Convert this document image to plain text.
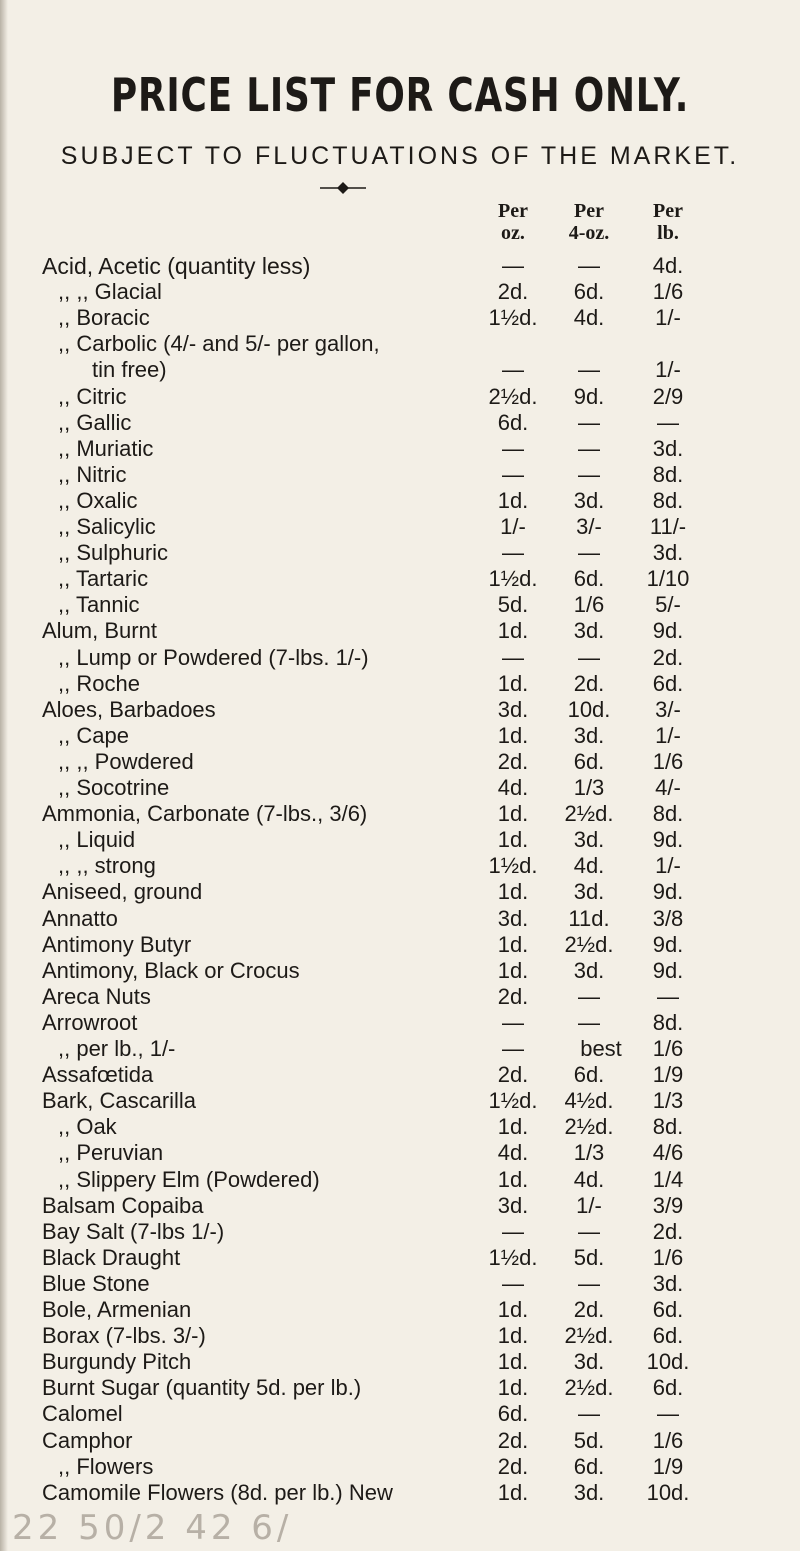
PRICE LIST FOR CASH ONLY.
SUBJECT TO FLUCTUATIONS OF THE MARKET.
Per
oz.
Per
4-oz.
Per
lb.
Acid, Acetic (quantity less)	—	—	4d.
,, ,, Glacial	2d.	6d.	1/6
,, Boracic	1½d.	4d.	1/-
,, Carbolic (4/- and 5/- per gallon,
tin free)	—	—	1/-
,, Citric	2½d.	9d.	2/9
,, Gallic	6d.	—	—
,, Muriatic	—	—	3d.
,, Nitric	—	—	8d.
,, Oxalic	1d.	3d.	8d.
,, Salicylic	1/-	3/-	11/-
,, Sulphuric	—	—	3d.
,, Tartaric	1½d.	6d.	1/10
,, Tannic	5d.	1/6	5/-
Alum, Burnt	1d.	3d.	9d.
,, Lump or Powdered (7-lbs. 1/-)	—	—	2d.
,, Roche	1d.	2d.	6d.
Aloes, Barbadoes	3d.	10d.	3/-
,, Cape	1d.	3d.	1/-
,, ,, Powdered	2d.	6d.	1/6
,, Socotrine	4d.	1/3	4/-
Ammonia, Carbonate (7-lbs., 3/6)	1d.	2½d.	8d.
,, Liquid	1d.	3d.	9d.
,, ,, strong	1½d.	4d.	1/-
Aniseed, ground	1d.	3d.	9d.
Annatto	3d.	11d.	3/8
Antimony Butyr	1d.	2½d.	9d.
Antimony, Black or Crocus	1d.	3d.	9d.
Areca Nuts	2d.	—	—
Arrowroot	—	—	8d.
,, per lb., 1/-	—	best	1/6
Assafœtida	2d.	6d.	1/9
Bark, Cascarilla	1½d.	4½d.	1/3
,, Oak	1d.	2½d.	8d.
,, Peruvian	4d.	1/3	4/6
,, Slippery Elm (Powdered)	1d.	4d.	1/4
Balsam Copaiba	3d.	1/-	3/9
Bay Salt (7-lbs 1/-)	—	—	2d.
Black Draught	1½d.	5d.	1/6
Blue Stone	—	—	3d.
Bole, Armenian	1d.	2d.	6d.
Borax (7-lbs. 3/-)	1d.	2½d.	6d.
Burgundy Pitch	1d.	3d.	10d.
Burnt Sugar (quantity 5d. per lb.)	1d.	2½d.	6d.
Calomel	6d.	—	—
Camphor	2d.	5d.	1/6
,, Flowers	2d.	6d.	1/9
Camomile Flowers (8d. per lb.) New	1d.	3d.	10d.
22 50/2 42 6/
